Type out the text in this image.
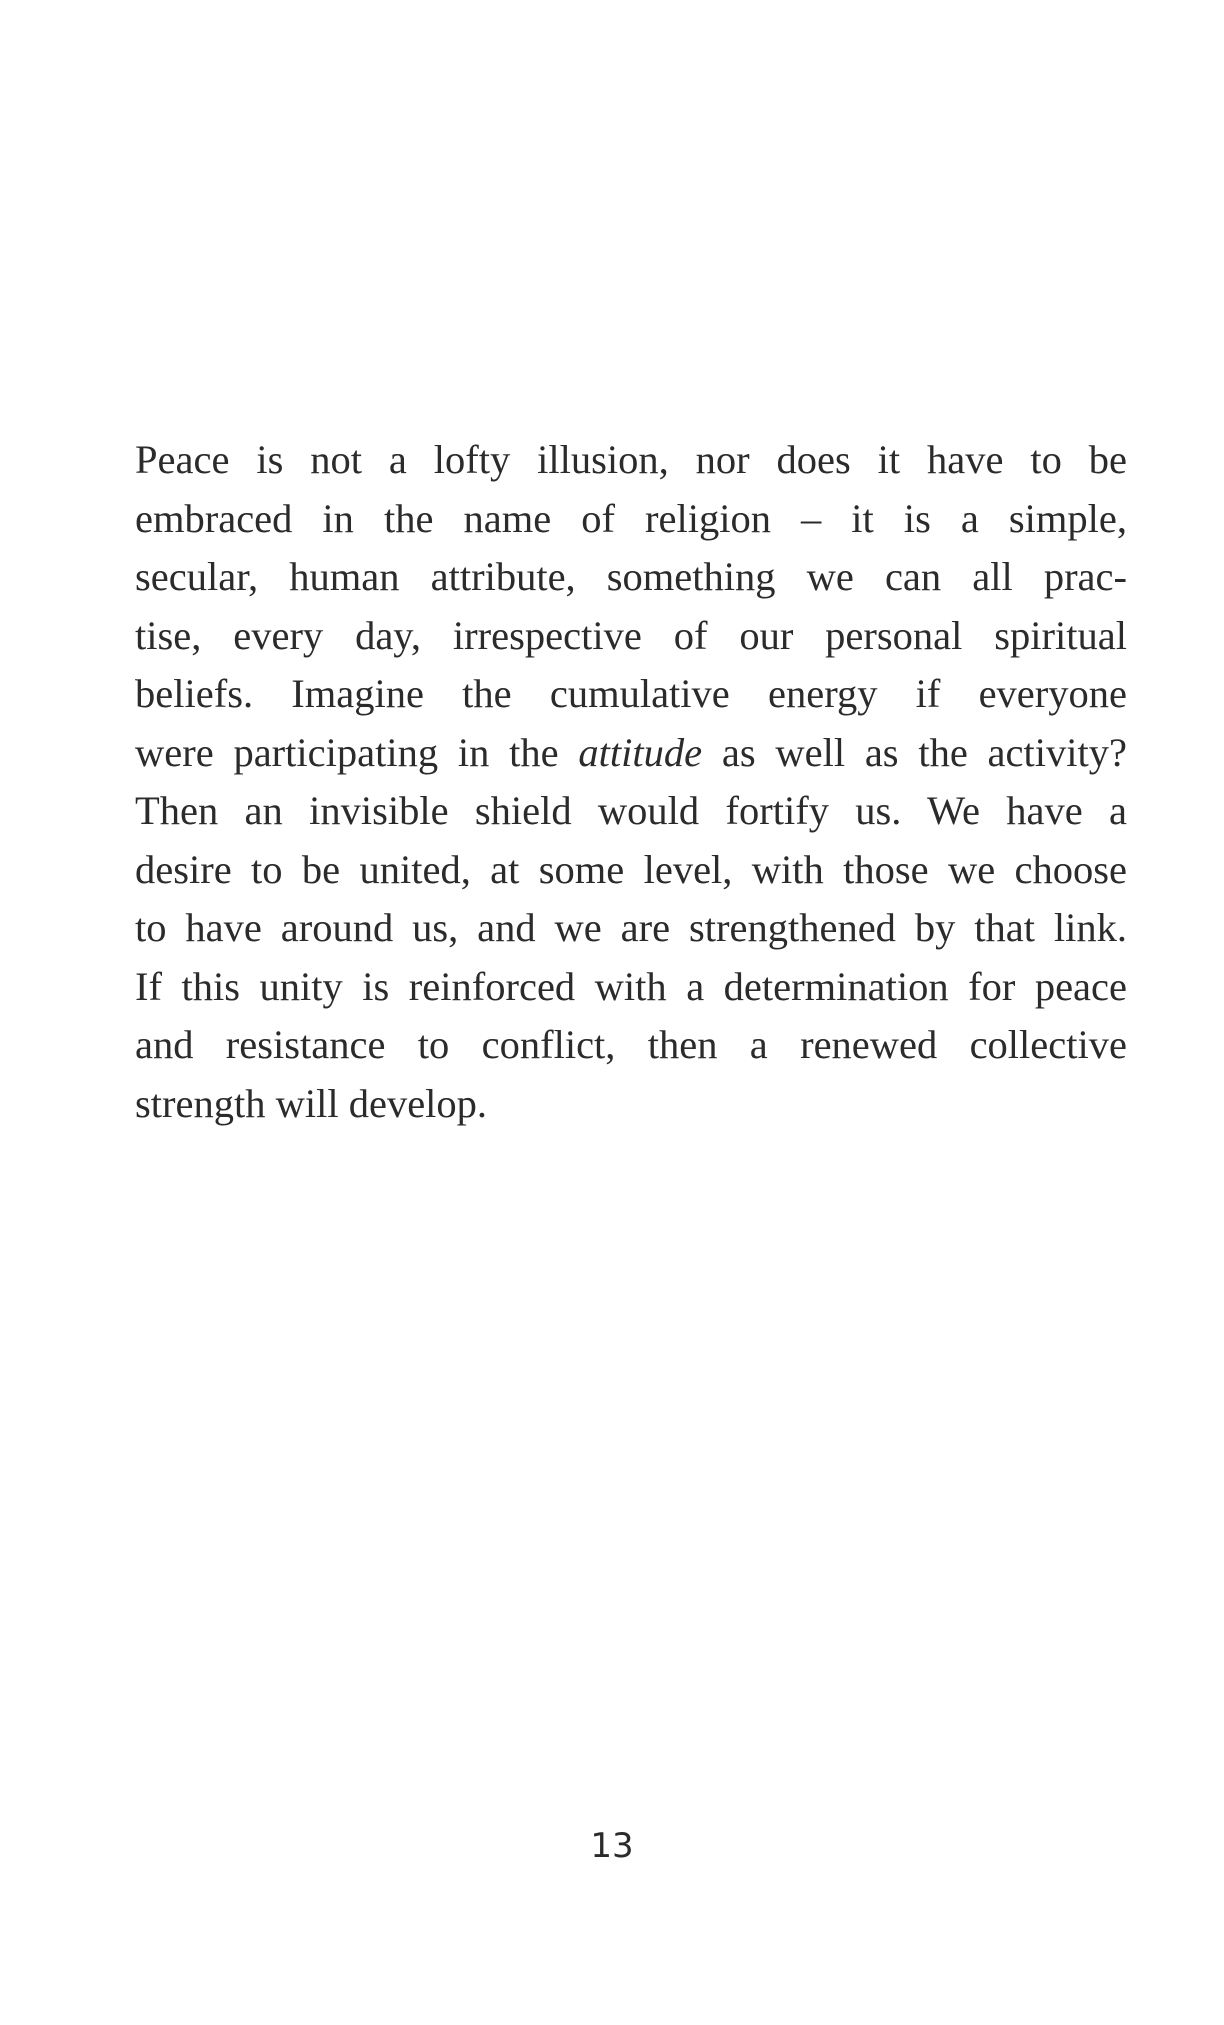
Peace is not a lofty illusion, nor does it have to be
embraced in the name of religion – it is a simple,
secular, human attribute, something we can all prac-
tise, every day, irrespective of our personal spiritual
beliefs. Imagine the cumulative energy if everyone
were participating in the attitude as well as the activity?
Then an invisible shield would fortify us. We have a
desire to be united, at some level, with those we choose
to have around us, and we are strengthened by that link.
If this unity is reinforced with a determination for peace
and resistance to conflict, then a renewed collective
strength will develop.
13
